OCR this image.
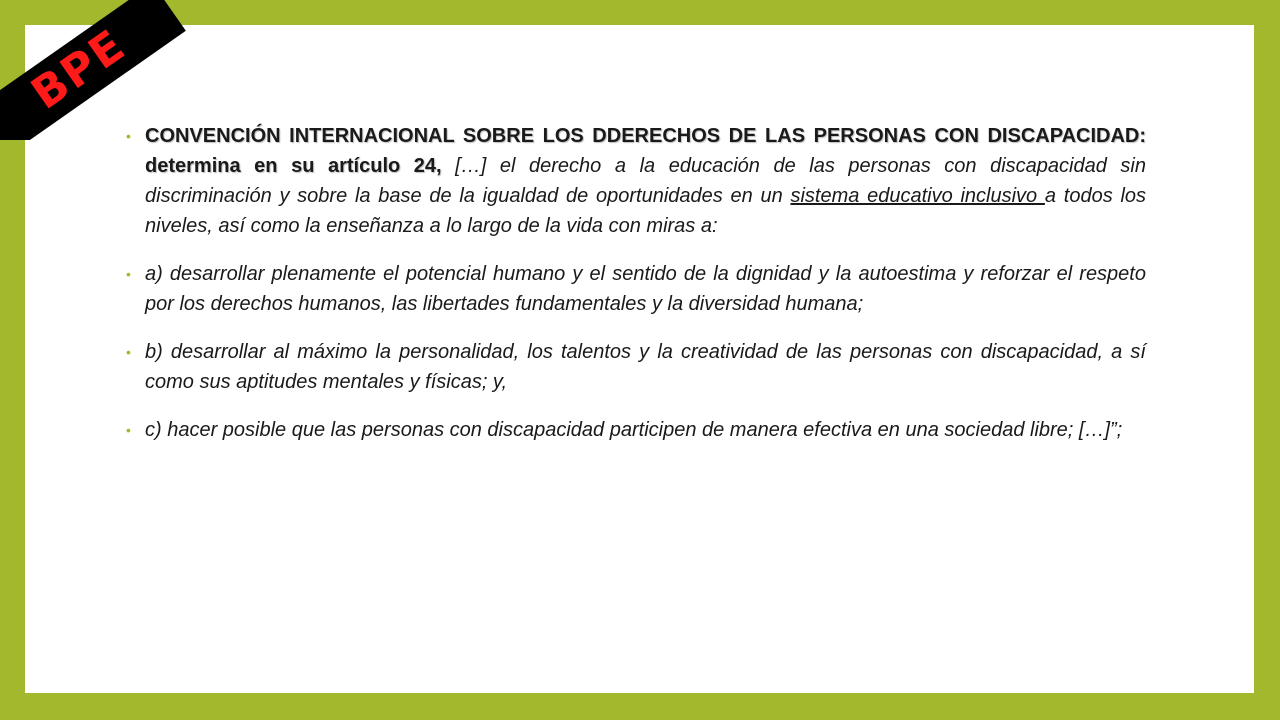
BPE
• CONVENCIÓN INTERNACIONAL SOBRE LOS DDERECHOS DE LAS PERSONAS CON DISCAPACIDAD: determina en su artículo 24, […] el derecho a la educación de las personas con discapacidad sin discriminación y sobre la base de la igualdad de oportunidades en un sistema educativo inclusivo a todos los niveles, así como la enseñanza a lo largo de la vida con miras a:

• a) desarrollar plenamente el potencial humano y el sentido de la dignidad y la autoestima y reforzar el respeto por los derechos humanos, las libertades fundamentales y la diversidad humana;

• b) desarrollar al máximo la personalidad, los talentos y la creatividad de las personas con discapacidad, a sí como sus aptitudes mentales y físicas; y,

• c) hacer posible que las personas con discapacidad participen de manera efectiva en una sociedad libre; […]”;
